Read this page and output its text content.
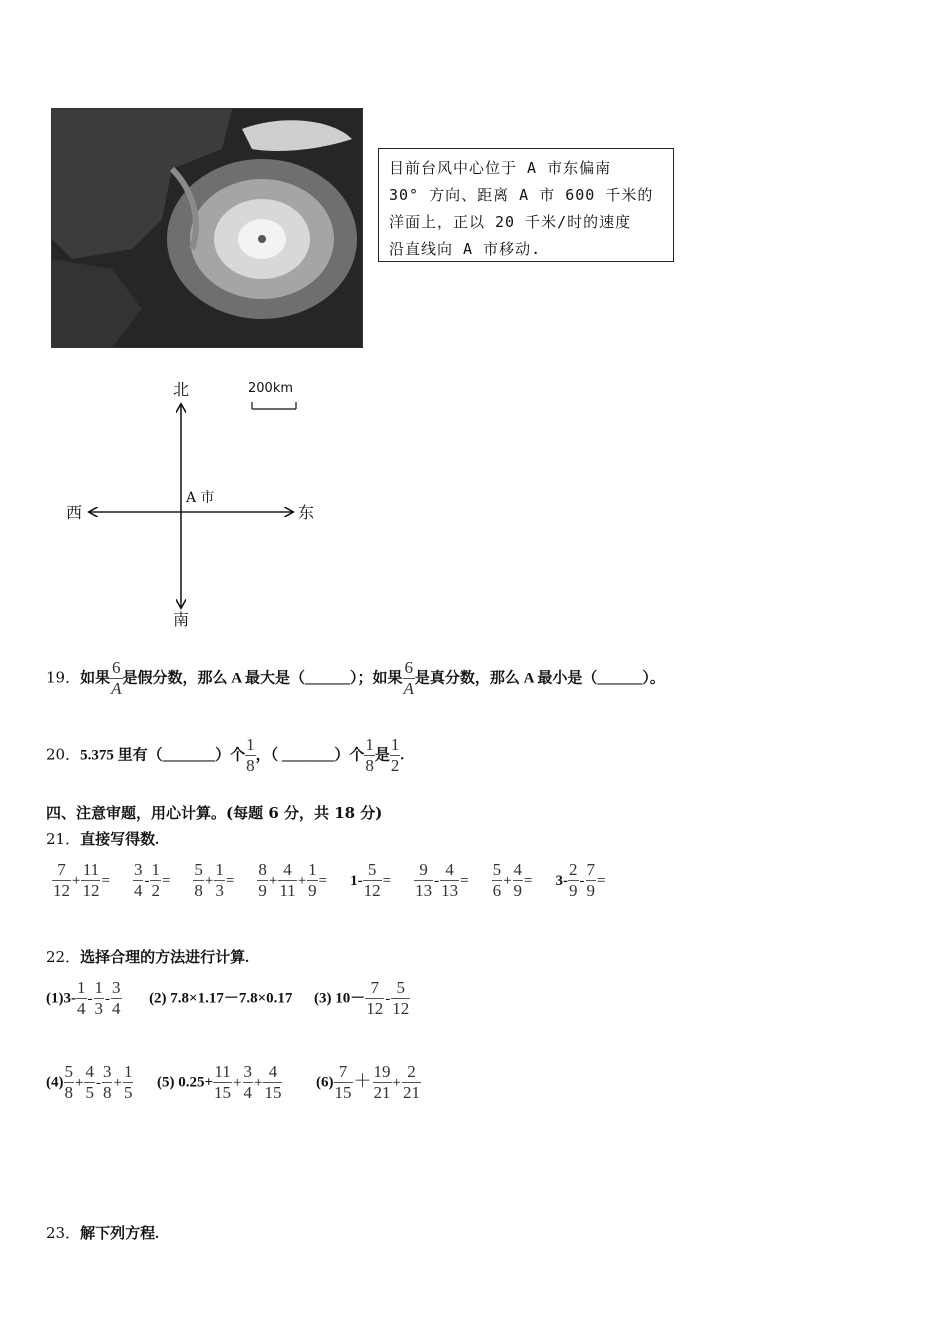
目前台风中心位于 A 市东偏南
30° 方向、距离 A 市 600 千米的
洋面上，正以 20 千米/时的速度
沿直线向 A 市移动.
北
南
西	东
A 市
200km
19．如果 $\frac{6}{A}$ 是假分数，那么 A 最大是（______）；如果 $\frac{6}{A}$ 是真分数，那么 A 最小是（______）。
20．5.375 里有（_______）个 $\frac{1}{8}$ ，（ _______）个 $\frac{1}{8}$ 是 $\frac{1}{2}$ .
四、注意审题，用心计算。(每题 6 分，共 18 分)
21．直接写得数.
$\frac{7}{12} + \frac{11}{12} = \frac{3}{4} - \frac{1}{2} = \frac{5}{8} + \frac{1}{3} = \frac{8}{9} + \frac{4}{11} + \frac{1}{9} = 1- \frac{5}{12} = \frac{9}{13} - \frac{4}{13} = \frac{5}{6} + \frac{4}{9} = 3- \frac{2}{9} - \frac{7}{9}$ =
22．选择合理的方法进行计算.
$(1)3- \frac{1}{4} - \frac{1}{3} - \frac{3}{4} (2)$ 7.8×1.17－7.8×0.17 (3) $10- \frac{7}{12} - \frac{5}{12}$
$(4) \frac{5}{8} + \frac{4}{5} - \frac{3}{8} + \frac{1}{5} (5)$ $0.25+ \frac{11}{15} + \frac{3}{4} + \frac{4}{15} (6) \frac{7}{15} + \frac{19}{21} + \frac{2}{21}$
23．解下列方程.
